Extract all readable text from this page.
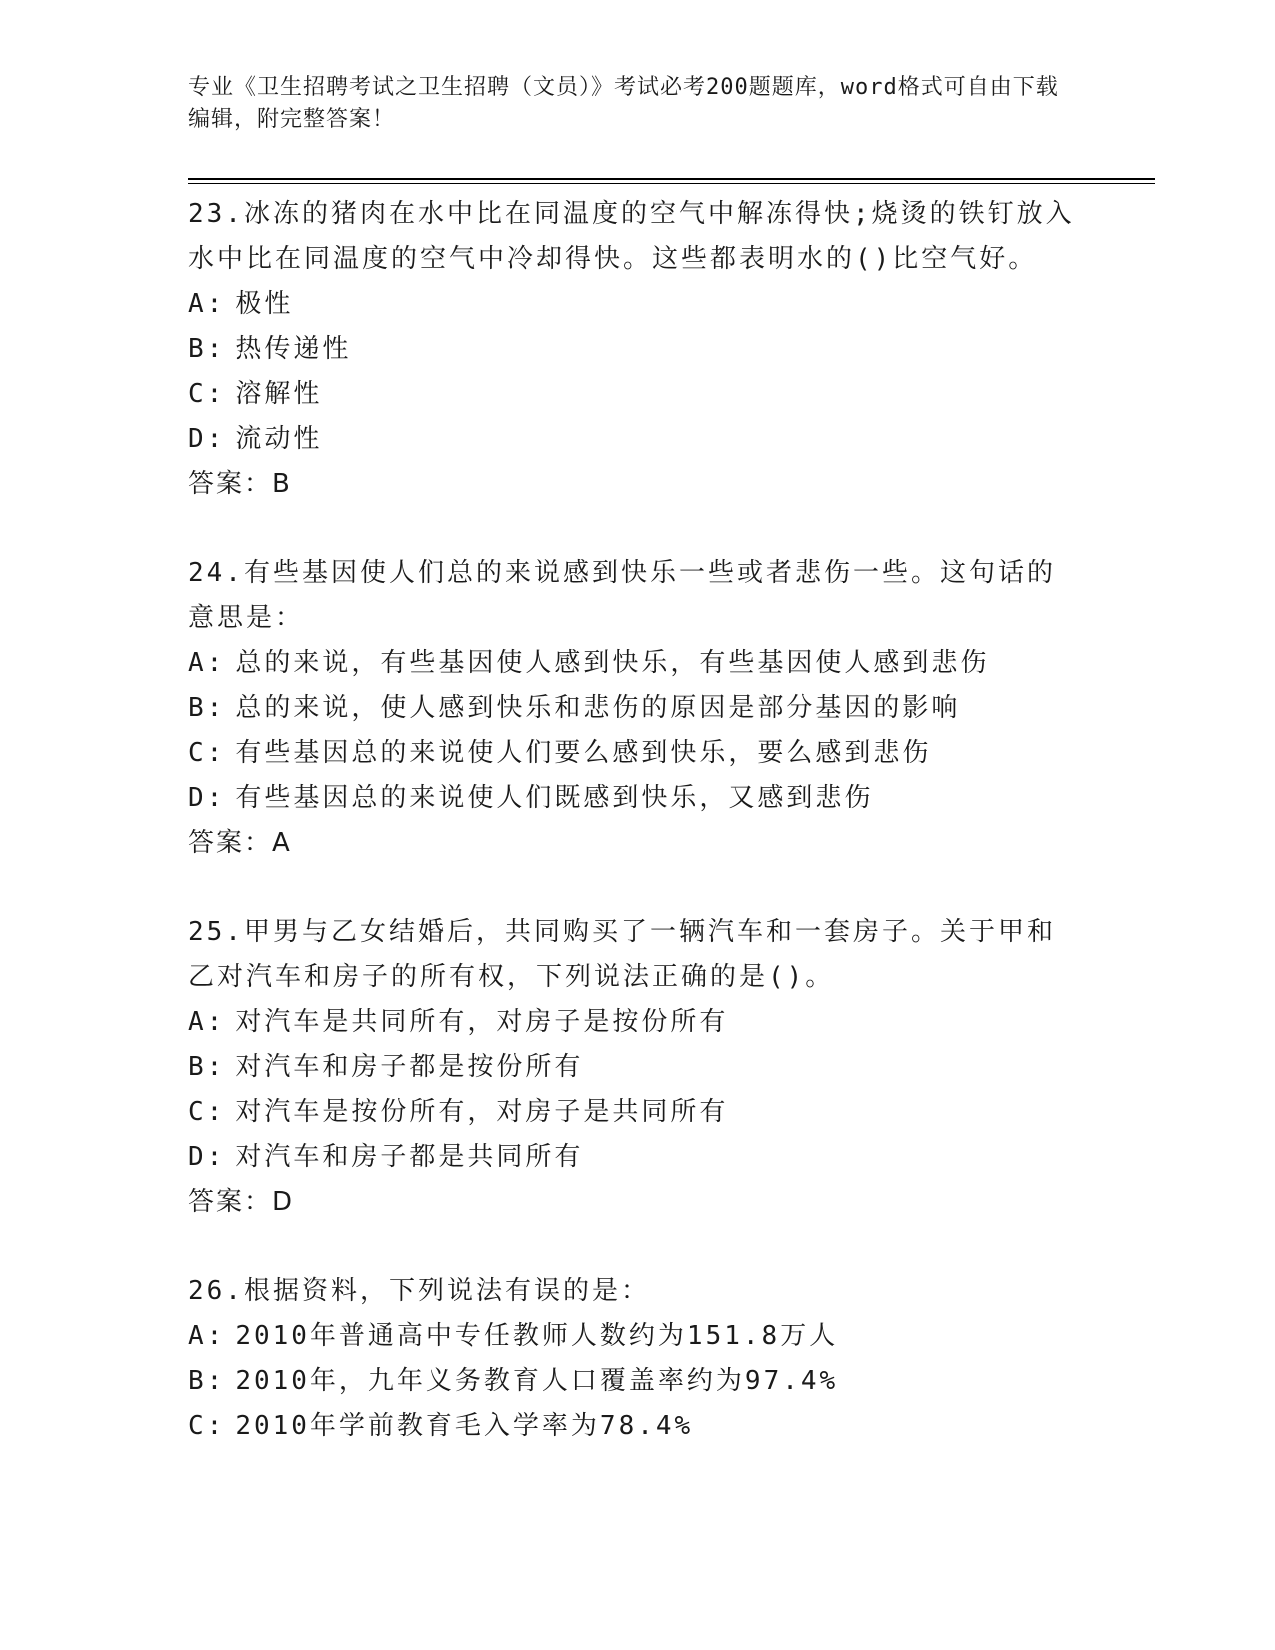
专业《卫生招聘考试之卫生招聘（文员）》考试必考200题题库，word格式可自由下载编辑，附完整答案！

23.冰冻的猪肉在水中比在同温度的空气中解冻得快;烧烫的铁钉放入水中比在同温度的空气中冷却得快。这些都表明水的()比空气好。

A: 极性

B: 热传递性

C: 溶解性

D: 流动性

答案：B

24.有些基因使人们总的来说感到快乐一些或者悲伤一些。这句话的意思是：

A: 总的来说，有些基因使人感到快乐，有些基因使人感到悲伤

B: 总的来说，使人感到快乐和悲伤的原因是部分基因的影响

C: 有些基因总的来说使人们要么感到快乐，要么感到悲伤

D: 有些基因总的来说使人们既感到快乐，又感到悲伤

答案：A

25.甲男与乙女结婚后，共同购买了一辆汽车和一套房子。关于甲和乙对汽车和房子的所有权，下列说法正确的是()。

A: 对汽车是共同所有，对房子是按份所有

B: 对汽车和房子都是按份所有

C: 对汽车是按份所有，对房子是共同所有

D: 对汽车和房子都是共同所有

答案：D

26.根据资料，下列说法有误的是：

A: 2010年普通高中专任教师人数约为151.8万人

B: 2010年，九年义务教育人口覆盖率约为97.4%

C: 2010年学前教育毛入学率为78.4%
